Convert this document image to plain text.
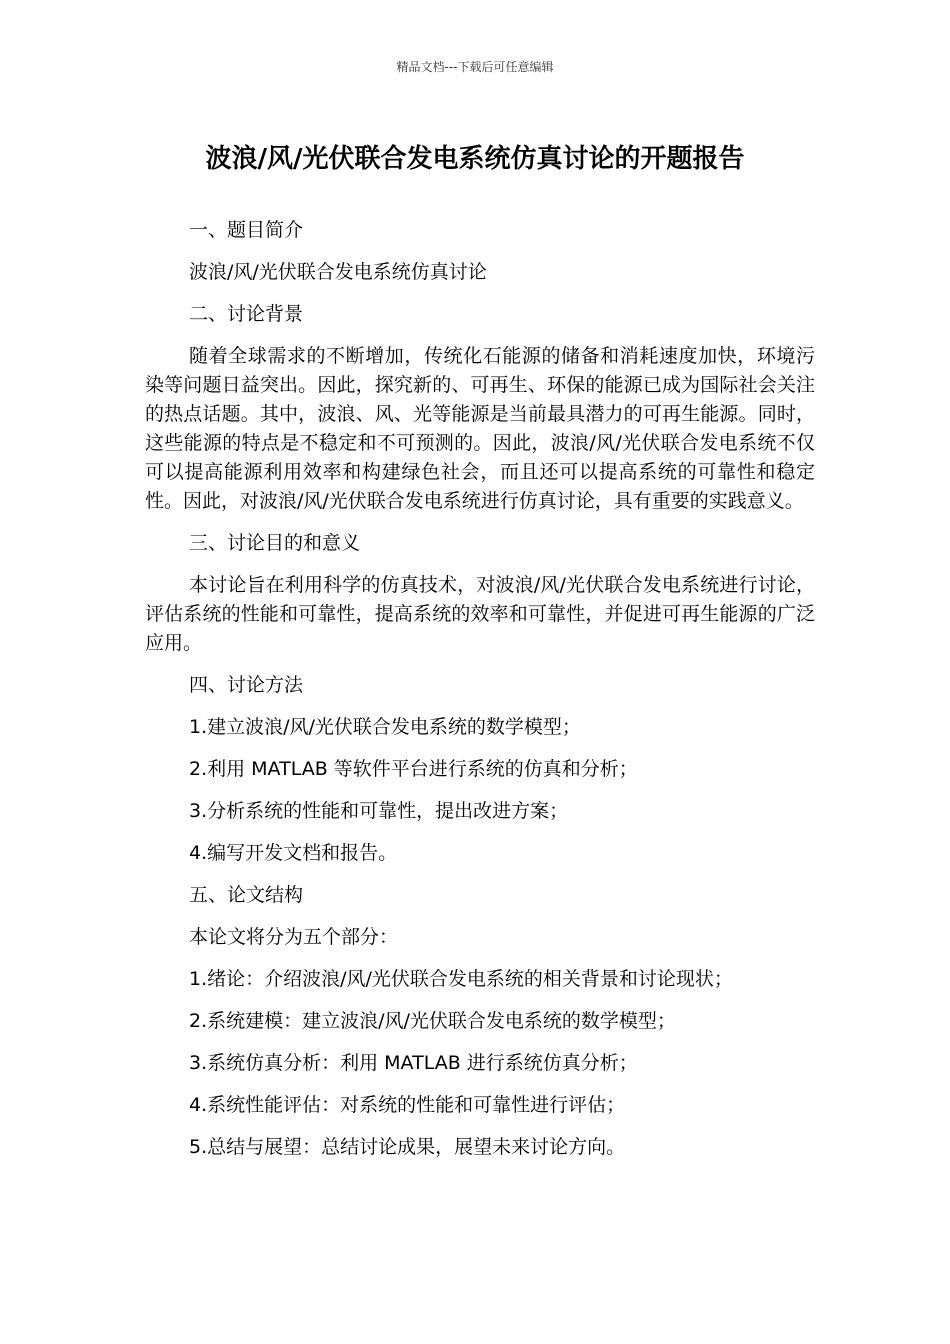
精品文档---下载后可任意编辑
波浪/风/光伏联合发电系统仿真讨论的开题报告

一、题目简介

波浪/风/光伏联合发电系统仿真讨论

二、讨论背景

随着全球需求的不断增加，传统化石能源的储备和消耗速度加快，环境污染等问题日益突出。因此，探究新的、可再生、环保的能源已成为国际社会关注的热点话题。其中，波浪、风、光等能源是当前最具潜力的可再生能源。同时，这些能源的特点是不稳定和不可预测的。因此，波浪/风/光伏联合发电系统不仅可以提高能源利用效率和构建绿色社会，而且还可以提高系统的可靠性和稳定性。因此，对波浪/风/光伏联合发电系统进行仿真讨论，具有重要的实践意义。

三、讨论目的和意义

本讨论旨在利用科学的仿真技术，对波浪/风/光伏联合发电系统进行讨论，评估系统的性能和可靠性，提高系统的效率和可靠性，并促进可再生能源的广泛应用。

四、讨论方法

1.建立波浪/风/光伏联合发电系统的数学模型；

2.利用 MATLAB 等软件平台进行系统的仿真和分析；

3.分析系统的性能和可靠性，提出改进方案；

4.编写开发文档和报告。

五、论文结构

本论文将分为五个部分：

1.绪论：介绍波浪/风/光伏联合发电系统的相关背景和讨论现状；

2.系统建模：建立波浪/风/光伏联合发电系统的数学模型；

3.系统仿真分析：利用 MATLAB 进行系统仿真分析；

4.系统性能评估：对系统的性能和可靠性进行评估；

5.总结与展望：总结讨论成果，展望未来讨论方向。
